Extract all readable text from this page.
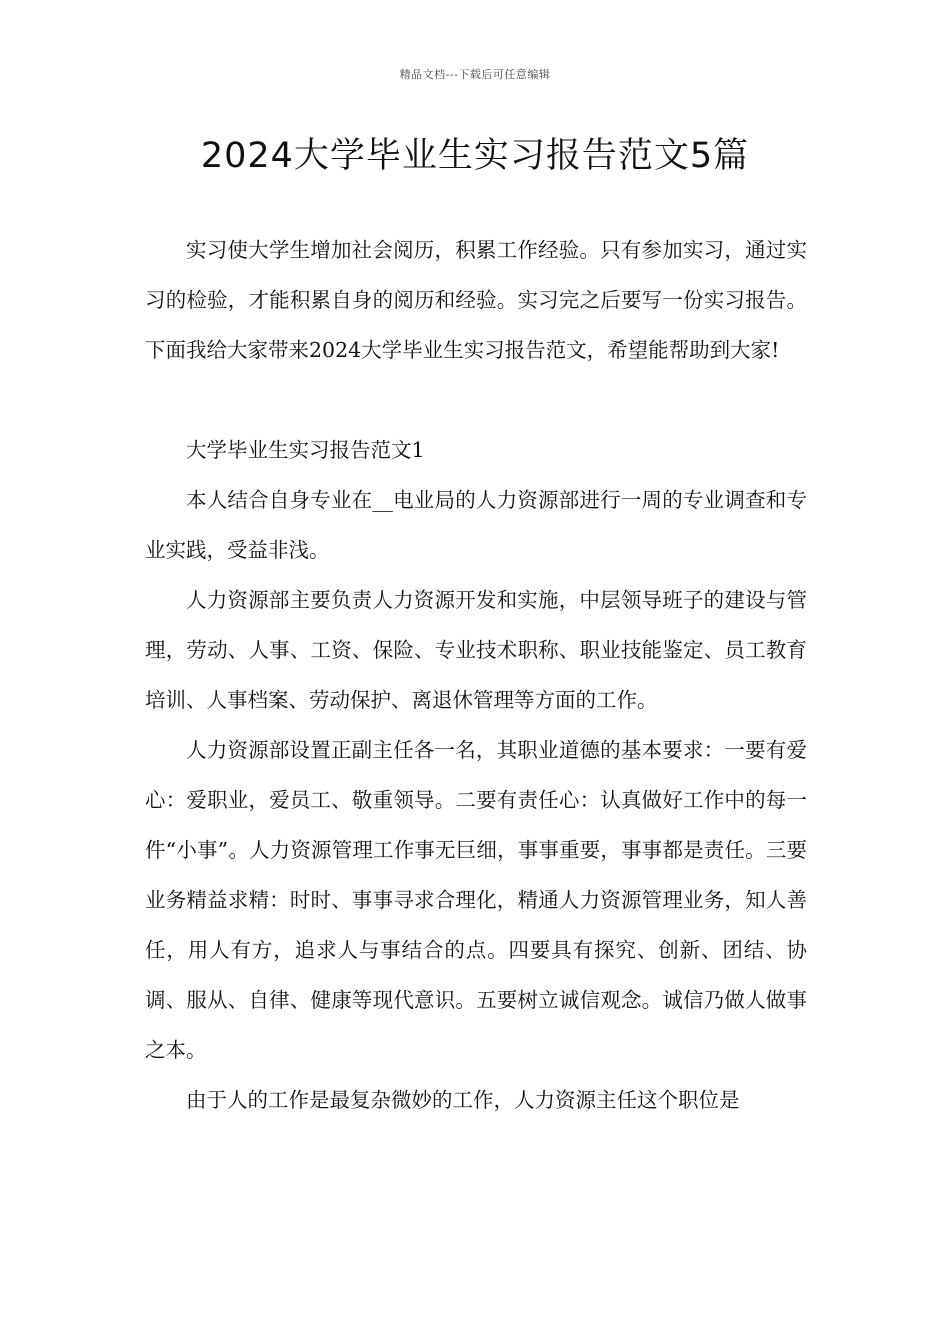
精品文档---下载后可任意编辑
2024大学毕业生实习报告范文5篇

实习使大学生增加社会阅历，积累工作经验。只有参加实习，通过实习的检验，才能积累自身的阅历和经验。实习完之后要写一份实习报告。下面我给大家带来2024大学毕业生实习报告范文，希望能帮助到大家!

大学毕业生实习报告范文1

本人结合自身专业在__电业局的人力资源部进行一周的专业调查和专业实践，受益非浅。

人力资源部主要负责人力资源开发和实施，中层领导班子的建设与管理，劳动、人事、工资、保险、专业技术职称、职业技能鉴定、员工教育培训、人事档案、劳动保护、离退休管理等方面的工作。

人力资源部设置正副主任各一名，其职业道德的基本要求：一要有爱心：爱职业，爱员工、敬重领导。二要有责任心：认真做好工作中的每一件“小事”。人力资源管理工作事无巨细，事事重要，事事都是责任。三要业务精益求精：时时、事事寻求合理化，精通人力资源管理业务，知人善任，用人有方，追求人与事结合的点。四要具有探究、创新、团结、协调、服从、自律、健康等现代意识。五要树立诚信观念。诚信乃做人做事之本。

由于人的工作是最复杂微妙的工作，人力资源主任这个职位是
